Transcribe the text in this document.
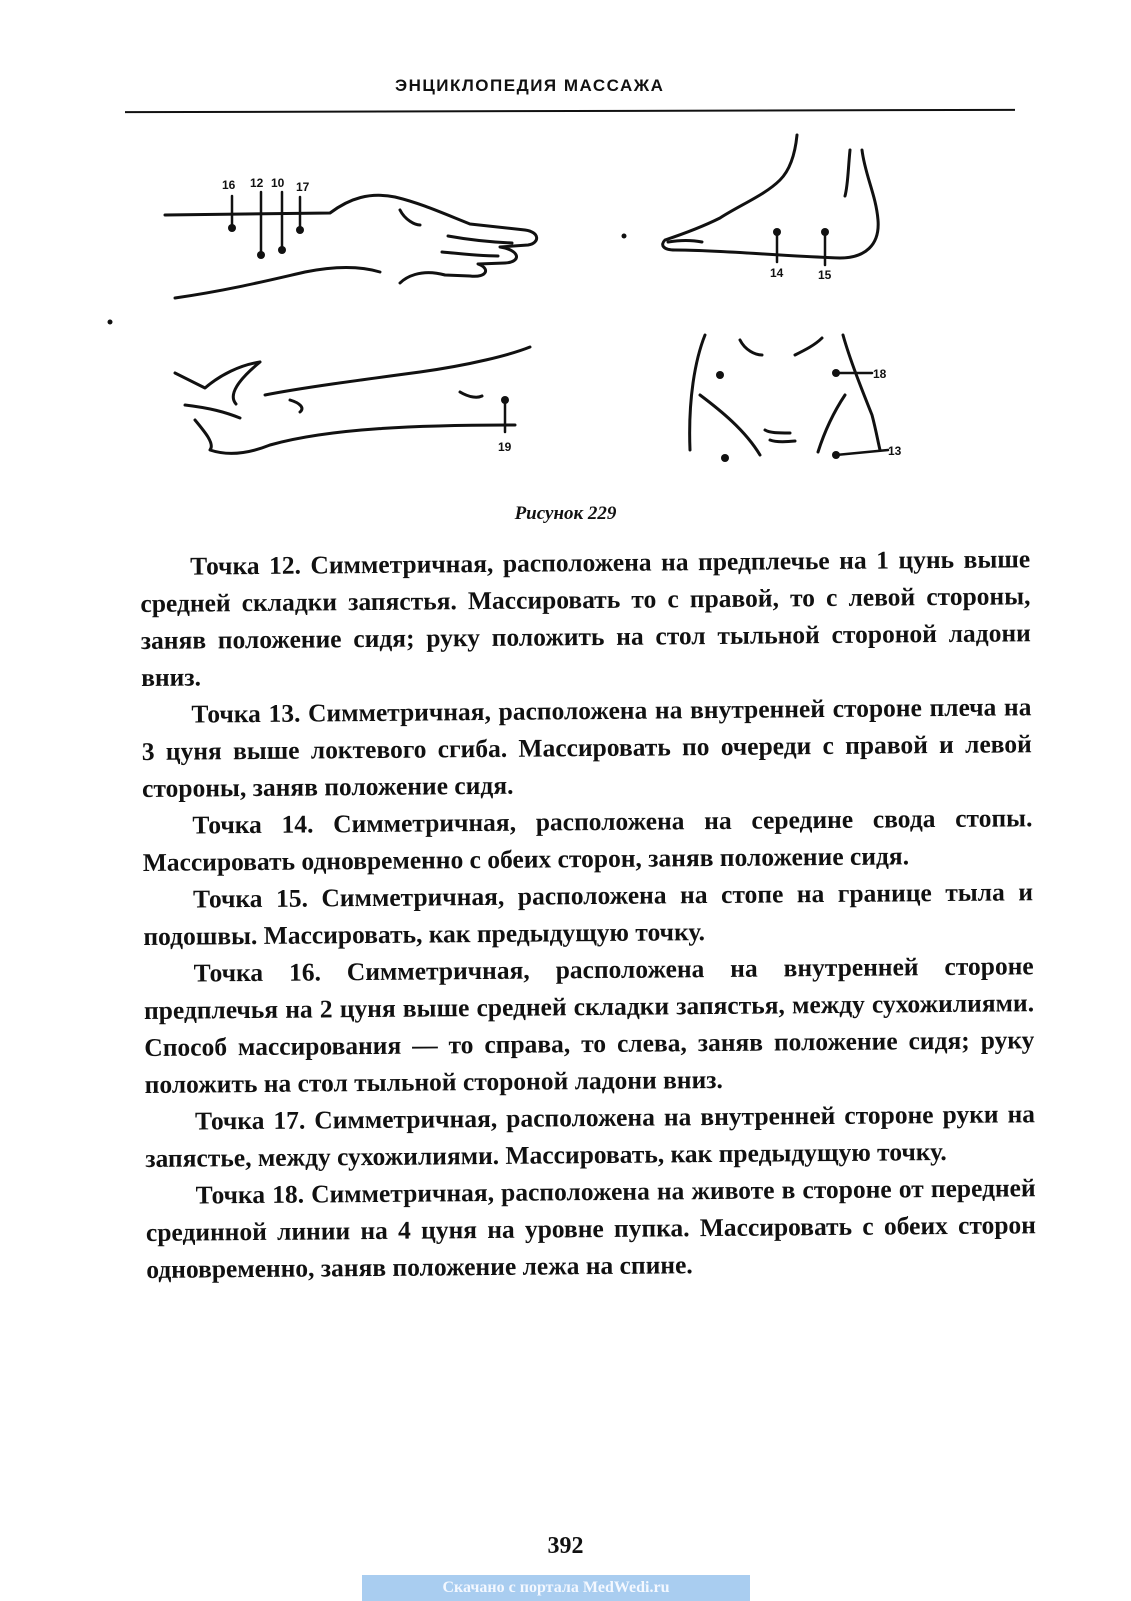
ЭНЦИКЛОПЕДИЯ МАССАЖА
16 12 10 17
14	15
19
18
13
Рисунок 229

Точка 12. Симметричная, расположена на предплечье на 1 цунь выше средней складки запястья. Массировать то с правой, то с левой стороны, заняв положение сидя; руку положить на стол тыльной стороной ладони вниз.

Точка 13. Симметричная, расположена на внутренней стороне плеча на 3 цуня выше локтевого сгиба. Массировать по очереди с правой и левой стороны, заняв положение сидя.

Точка 14. Симметричная, расположена на середине свода стопы. Массировать одновременно с обеих сторон, заняв положение сидя.

Точка 15. Симметричная, расположена на стопе на границе тыла и подошвы. Массировать, как предыдущую точку.

Точка 16. Симметричная, расположена на внутренней стороне предплечья на 2 цуня выше средней складки запястья, между сухожилиями. Способ массирования — то справа, то слева, заняв положение сидя; руку положить на стол тыльной стороной ладони вниз.

Точка 17. Симметричная, расположена на внутренней стороне руки на запястье, между сухожилиями. Массировать, как предыдущую точку.

Точка 18. Симметричная, расположена на животе в стороне от передней срединной линии на 4 цуня на уровне пупка. Массировать с обеих сторон одновременно, заняв положение лежа на спине.

392
Скачано с портала MedWedi.ru
